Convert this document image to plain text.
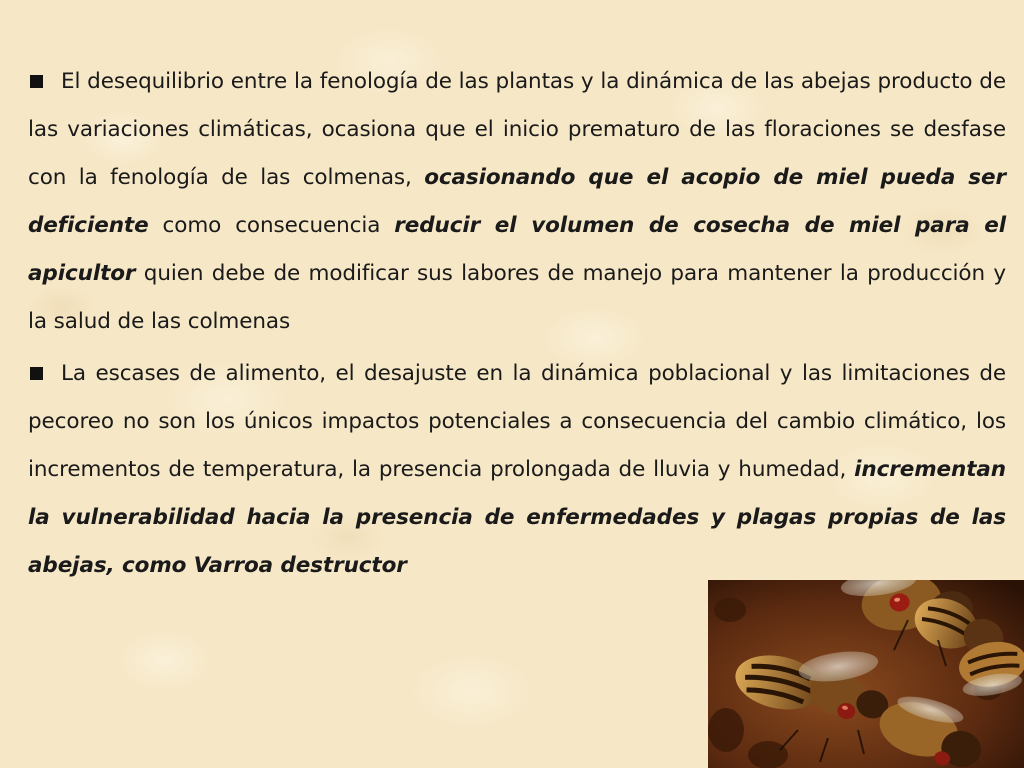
El desequilibrio entre la fenología de las plantas y la dinámica de las abejas producto de las variaciones climáticas, ocasiona que el inicio prematuro de las floraciones se desfase con la fenología de las colmenas, ocasionando que el acopio de miel pueda ser deficiente como consecuencia reducir el volumen de cosecha de miel para el apicultor quien debe de modificar sus labores de manejo para mantener la producción y la salud de las colmenas

La escases de alimento, el desajuste en la dinámica poblacional y las limitaciones de pecoreo no son los únicos impactos potenciales a consecuencia del cambio climático, los incrementos de temperatura, la presencia prolongada de lluvia y humedad, incrementan la vulnerabilidad hacia la presencia de enfermedades y plagas propias de las abejas, como Varroa destructor
